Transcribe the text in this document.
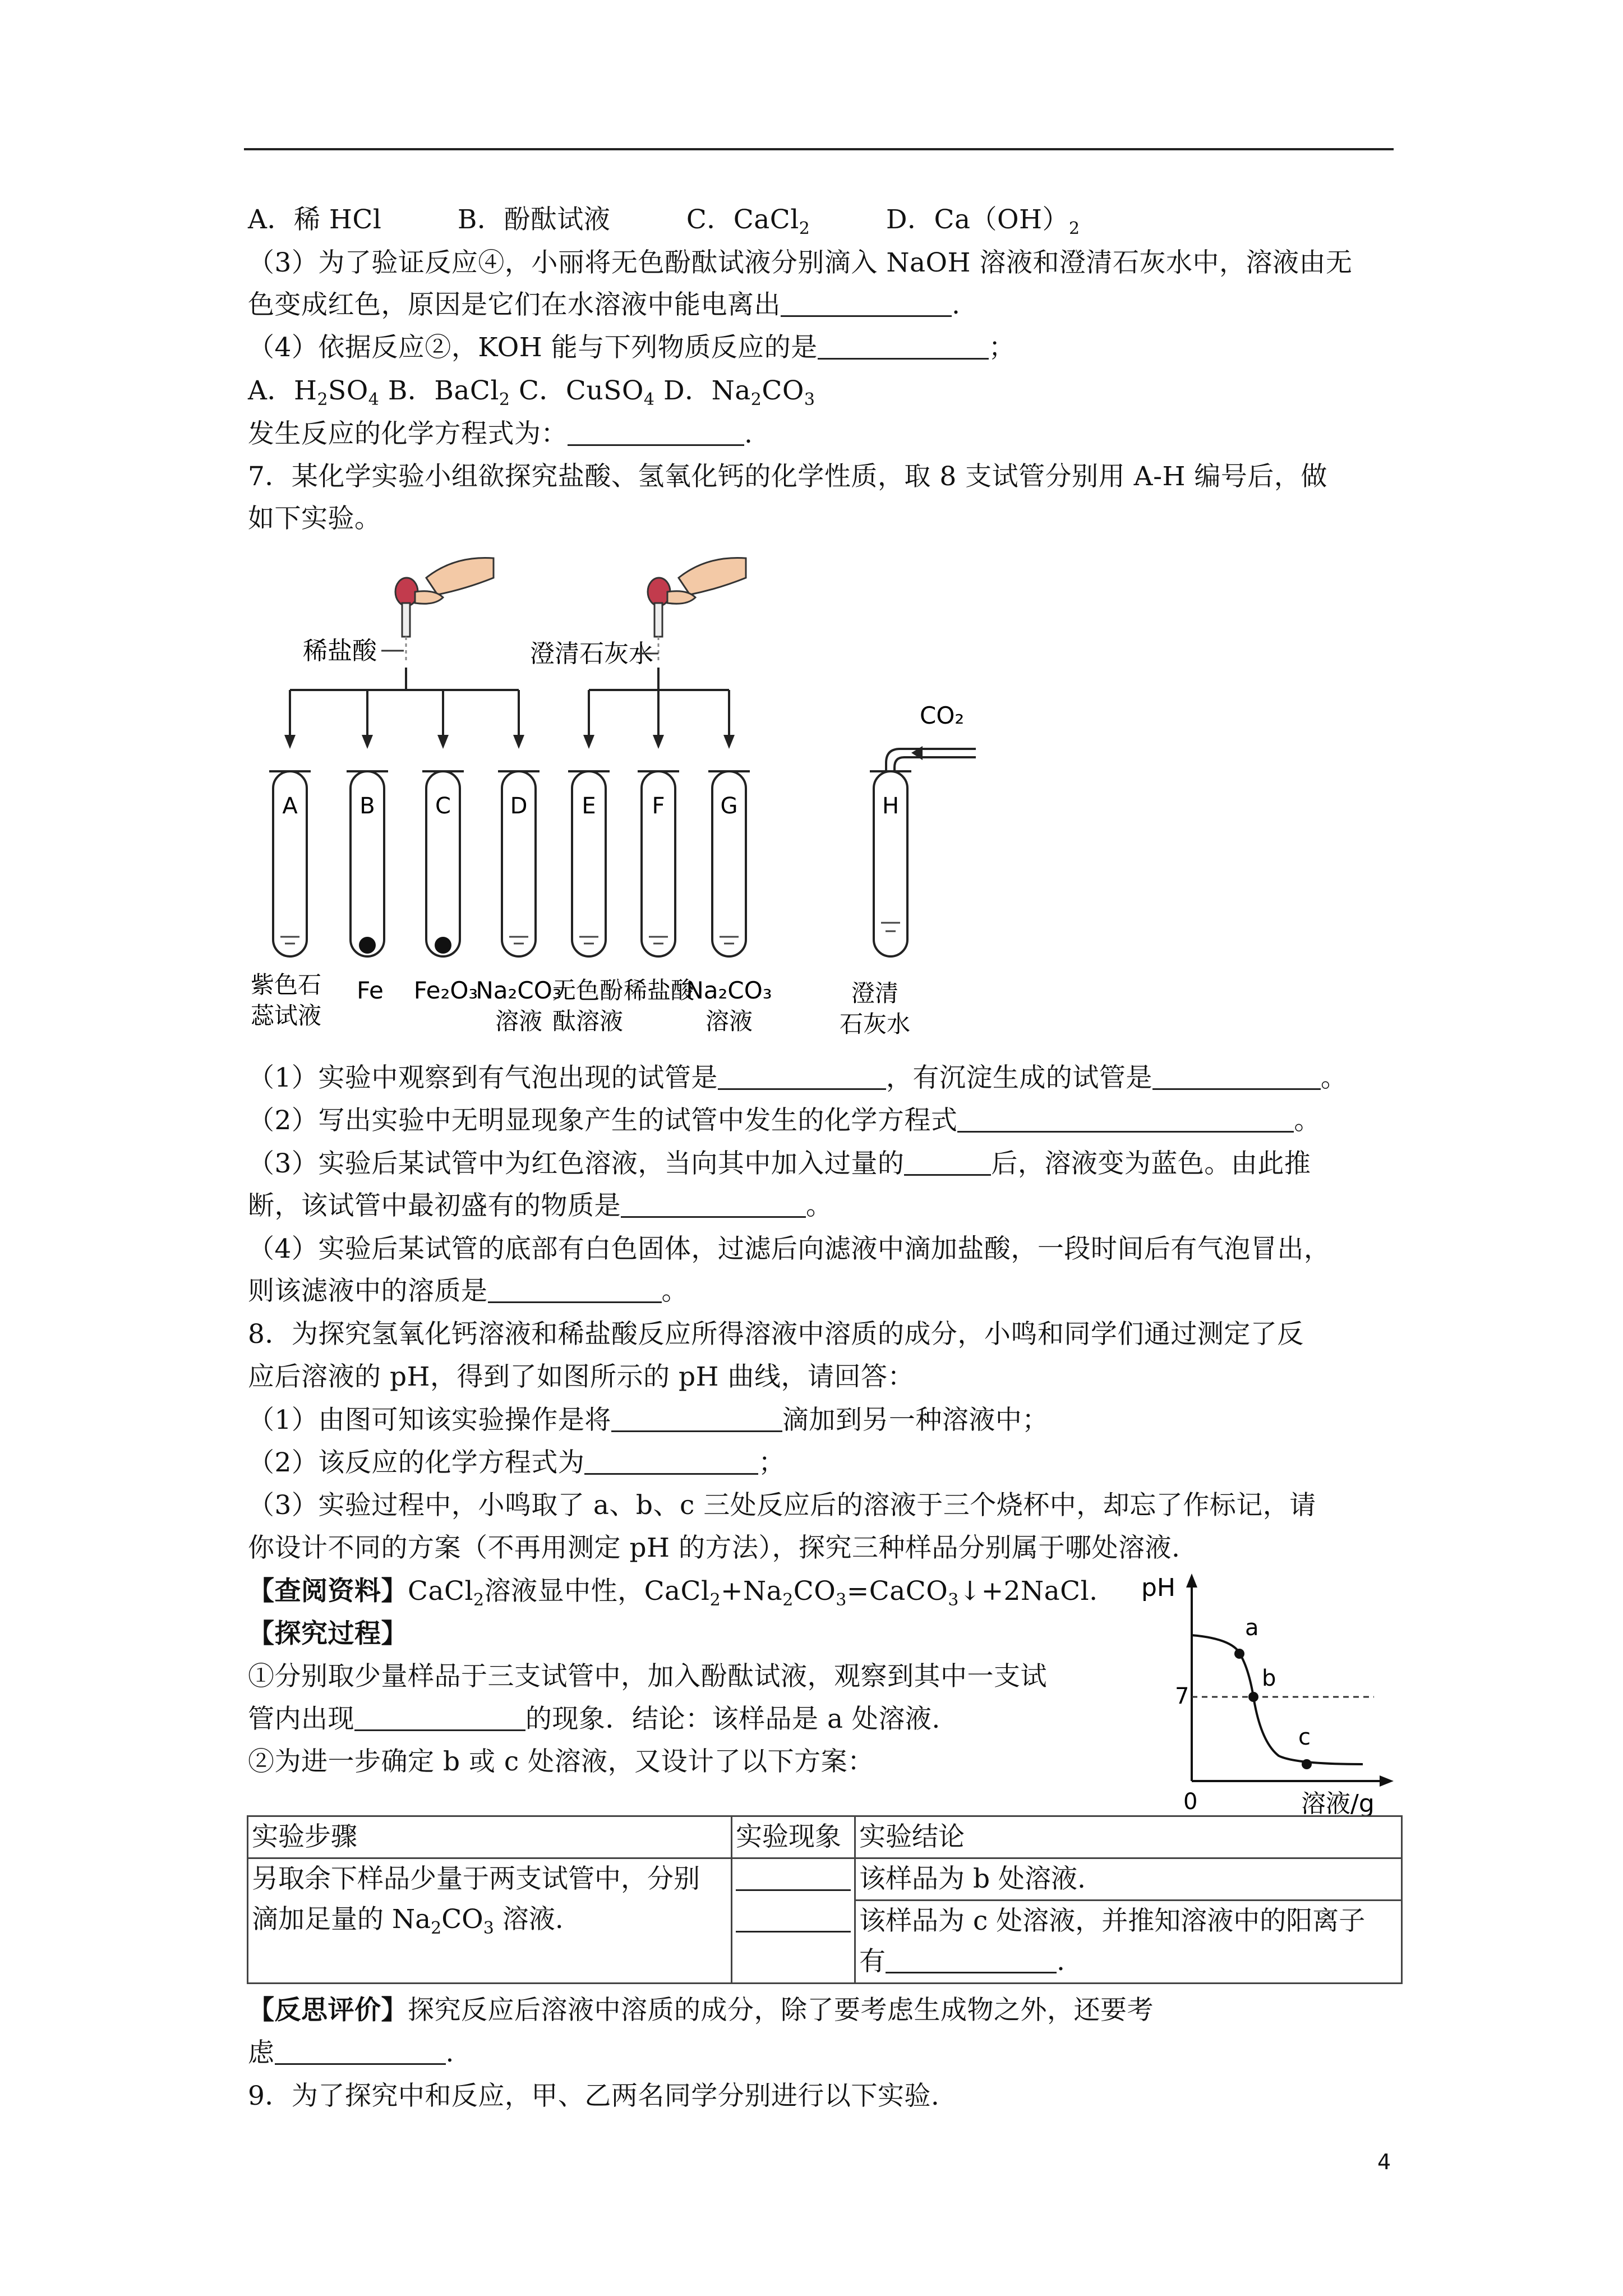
A．稀 HCl	B．酚酞试液	C．CaCl$_2$	D．$Ca(OH)_2$
（3）为了验证反应④，小丽将无色酚酞试液分别滴入 NaOH 溶液和澄清石灰水中，溶液由无
色变成红色，原因是它们在水溶液中能电离出	.
（4）依据反应②，KOH 能与下列物质反应的是	；
A．$H_2SO_4$ B．BaCl$_2$ C．CuSO$_4$ D．$Na_2CO_3$
发生反应的化学方程式为：	.
7．某化学实验小组欲探究盐酸、氢氧化钙的化学性质，取 8 支试管分别用 A-H 编号后，做
如下实验。
稀盐酸	澄清石灰水
CO₂
A	B	C	D E F G	H
紫色石
蕊试液
Fe Fe₂O₃
Na₂CO₃
溶液
无色酚
酞溶液
稀盐酸
Na₂CO₃
溶液
澄清
石灰水
（1）实验中观察到有气泡出现的试管是	，有沉淀生成的试管是	。
（2）写出实验中无明显现象产生的试管中发生的化学方程式	。
（3）实验后某试管中为红色溶液，当向其中加入过量的	后，溶液变为蓝色。由此推
断，该试管中最初盛有的物质是	。
（4）实验后某试管的底部有白色固体，过滤后向滤液中滴加盐酸，一段时间后有气泡冒出，
则该滤液中的溶质是	。
8．为探究氢氧化钙溶液和稀盐酸反应所得溶液中溶质的成分，小鸣和同学们通过测定了反
应后溶液的 pH，得到了如图所示的 pH 曲线，请回答：
（1）由图可知该实验操作是将	滴加到另一种溶液中；
（2）该反应的化学方程式为	；
（3）实验过程中，小鸣取了 a、b、c 三处反应后的溶液于三个烧杯中，却忘了作标记，请
你设计不同的方案（不再用测定 pH 的方法），探究三种样品分别属于哪处溶液.
【查阅资料】CaCl$_2$溶液显中性，$CaCl_2+Na_2CO_3=CaCO_3↓+2NaCl$.
【探究过程】
①分别取少量样品于三支试管中，加入酚酞试液，观察到其中一支试
管内出现	的现象．结论：该样品是 a 处溶液.
②为进一步确定 b 或 c 处溶液，又设计了以下方案：
pH
溶液/g
0
7
a
b
c
实验步骤	实验现象	实验结论

另取余下样品少量于两支试管中，分别
滴加足量的 $Na_2CO_3$ 溶液.		该样品为 b 处溶液.

		该样品为 c 处溶液，并推知溶液中的阳离子
有 .
【反思评价】探究反应后溶液中溶质的成分，除了要考虑生成物之外，还要考
虑	.
9．为了探究中和反应，甲、乙两名同学分别进行以下实验.
4
